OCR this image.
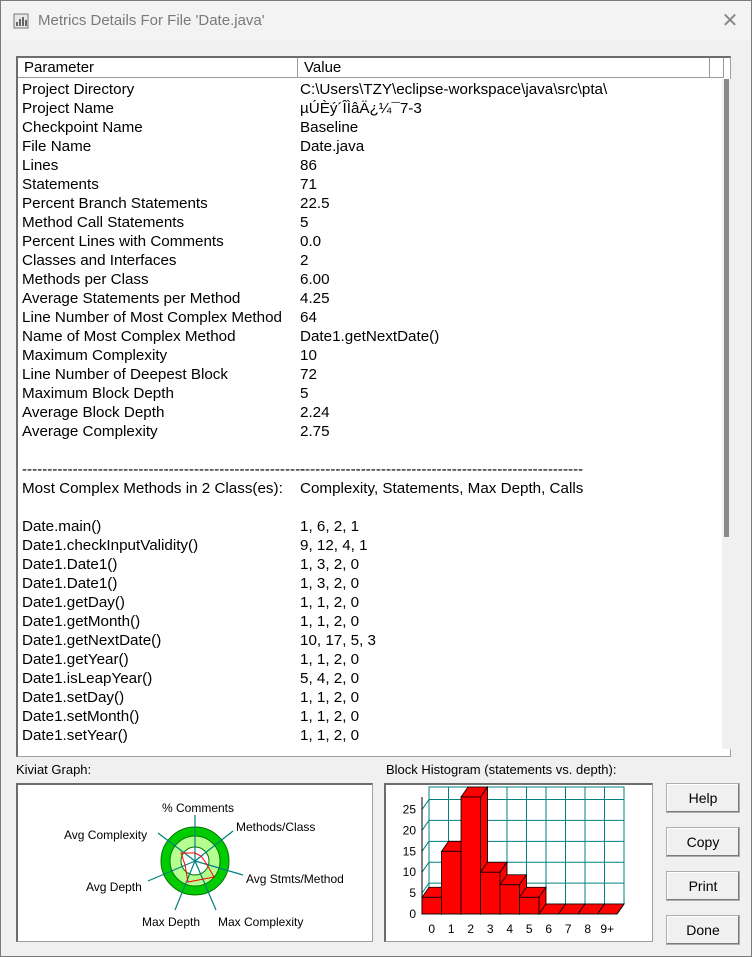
Metrics Details For File 'Date.java'	✕
Parameter	Value
Project Directory	C:\Users\TZY\eclipse-workspace\java\src\pta\
Project Name	µÚÈý´ÎÌâÄ¿¼¯7-3
Checkpoint Name	Baseline
File Name	Date.java
Lines	86
Statements	71
Percent Branch Statements	22.5
Method Call Statements	5
Percent Lines with Comments	0.0
Classes and Interfaces	2
Methods per Class	6.00
Average Statements per Method	4.25
Line Number of Most Complex Method 64
Name of Most Complex Method	Date1.getNextDate()
Maximum Complexity	10
Line Number of Deepest Block	72
Maximum Block Depth	5
Average Block Depth	2.24
Average Complexity	2.75
--------------------------------------------------------
--------------------------------------------------------
Most Complex Methods in 2 Class(es): Complexity, Statements, Max Depth, Calls
Date.main()	1, 6, 2, 1
Date1.checkInputValidity()	9, 12, 4, 1
Date1.Date1()	1, 3, 2, 0
Date1.Date1()	1, 3, 2, 0
Date1.getDay()	1, 1, 2, 0
Date1.getMonth()	1, 1, 2, 0
Date1.getNextDate()	10, 17, 5, 3
Date1.getYear()	1, 1, 2, 0
Date1.isLeapYear()	5, 4, 2, 0
Date1.setDay()	1, 1, 2, 0
Date1.setMonth()	1, 1, 2, 0
Date1.setYear()	1, 1, 2, 0
Kiviat Graph:
% Comments
Methods/Class
Avg Stmts/Method
Max Complexity
Max Depth
Avg Depth
Avg Complexity
Block Histogram (statements vs. depth):
0
5
10
15
20
25
0 1 2 3 4 5 6 7 8 9+
Help
Copy
Print
Done
